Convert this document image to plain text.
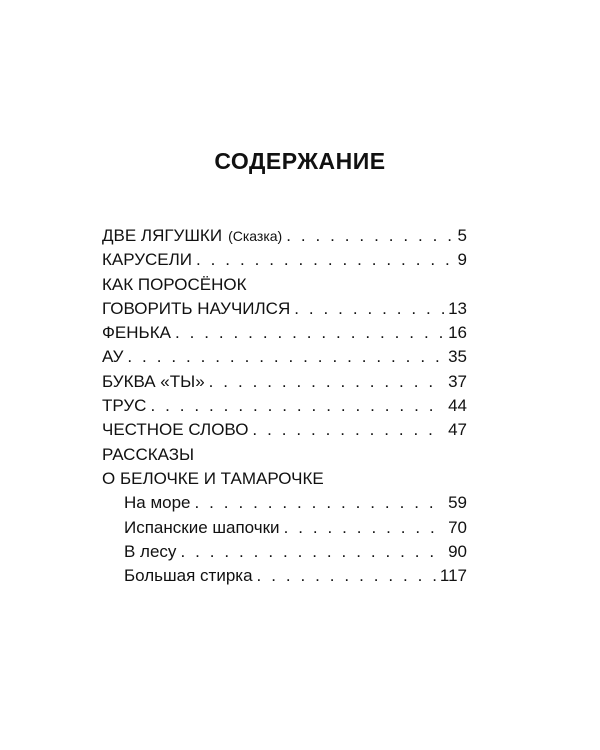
СОДЕРЖАНИЕ
ДВЕ ЛЯГУШКИ (Сказка) . . .	5
КАРУСЕЛИ . . .	9
КАК ПОРОСЁНОК
ГОВОРИТЬ НАУЧИЛСЯ . . .	13
ФЕНЬКА . . .	16
АУ . . .	35
БУКВА «ТЫ» . . .	37
ТРУС . . .	44
ЧЕСТНОЕ СЛОВО . . .	47
РАССКАЗЫ
О БЕЛОЧКЕ И ТАМАРОЧКЕ
На море . . .	59
Испанские шапочки . . .	70
В лесу . . .	90
Большая стирка . . .	117
